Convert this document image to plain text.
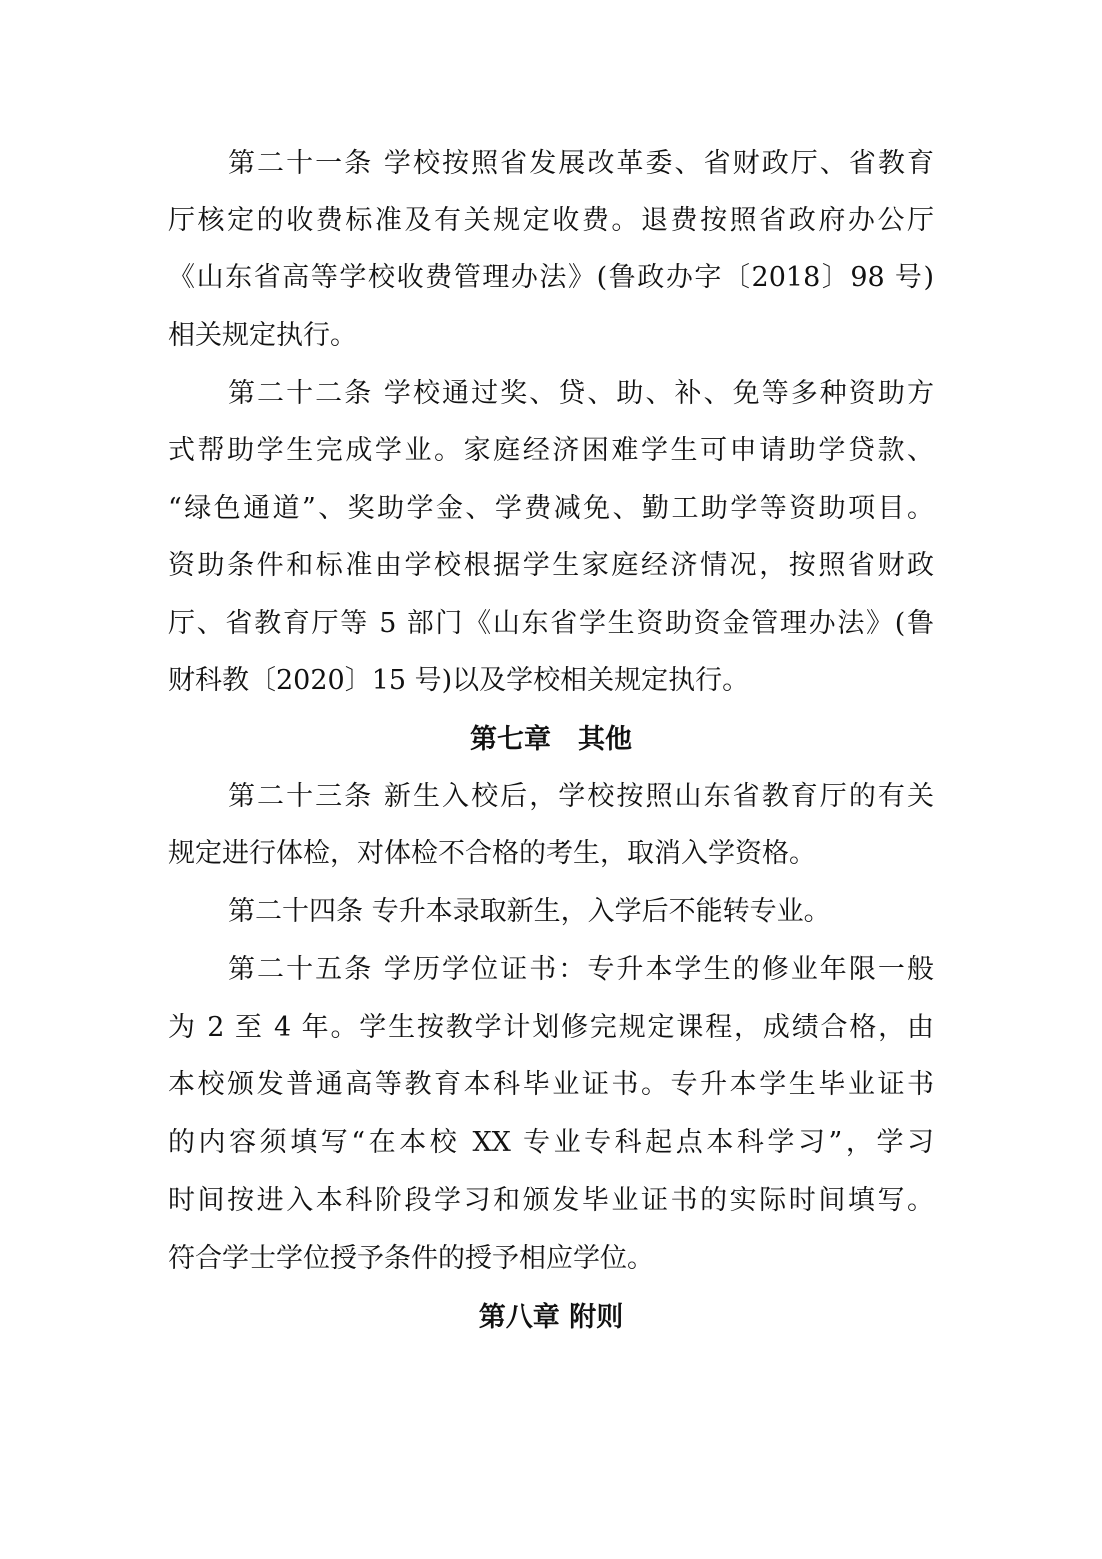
第二十一条 学校按照省发展改革委、省财政厅、省教育
厅核定的收费标准及有关规定收费。退费按照省政府办公厅
《山东省高等学校收费管理办法》(鲁政办字〔2018〕98 号)
相关规定执行。
第二十二条 学校通过奖、贷、助、补、免等多种资助方
式帮助学生完成学业。家庭经济困难学生可申请助学贷款、
“绿色通道”、奖助学金、学费减免、勤工助学等资助项目。
资助条件和标准由学校根据学生家庭经济情况，按照省财政
厅、省教育厅等 5 部门《山东省学生资助资金管理办法》(鲁
财科教〔2020〕15 号)以及学校相关规定执行。
第七章　其他
第二十三条 新生入校后，学校按照山东省教育厅的有关
规定进行体检，对体检不合格的考生，取消入学资格。
第二十四条 专升本录取新生，入学后不能转专业。
第二十五条 学历学位证书：专升本学生的修业年限一般
为 2 至 4 年。学生按教学计划修完规定课程，成绩合格，由
本校颁发普通高等教育本科毕业证书。专升本学生毕业证书
的内容须填写“在本校 XX 专业专科起点本科学习”，学习
时间按进入本科阶段学习和颁发毕业证书的实际时间填写。
符合学士学位授予条件的授予相应学位。
第八章 附则
